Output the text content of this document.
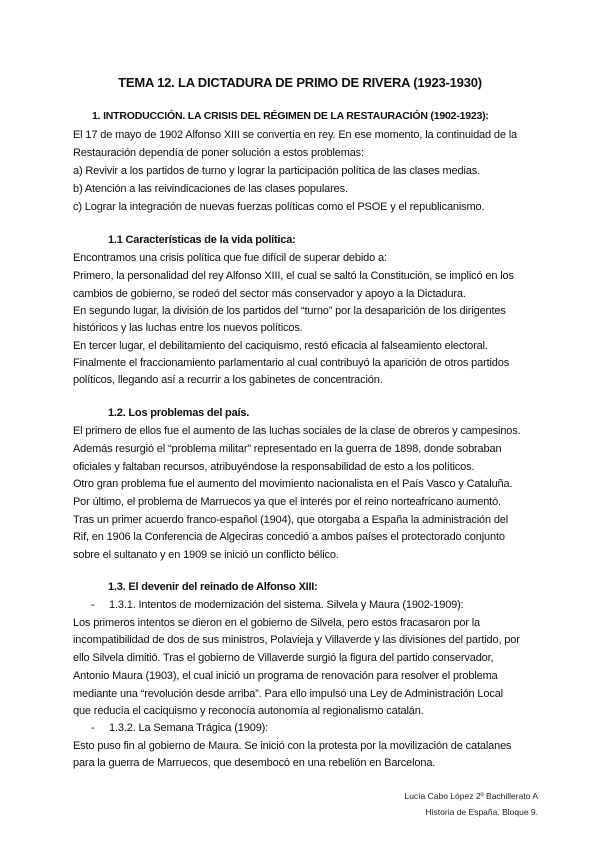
TEMA 12. LA DICTADURA DE PRIMO DE RIVERA (1923-1930)
1. INTRODUCCIÓN. LA CRISIS DEL RÉGIMEN DE LA RESTAURACIÓN (1902-1923):
El 17 de mayo de 1902 Alfonso XIII se convertía en rey. En ese momento, la continuidad de la
Restauración dependía de poner solución a estos problemas:
a) Revivir a los partidos de turno y lograr la participación política de las clases medias.
b) Atención a las reivindicaciones de las clases populares.
c) Lograr la integración de nuevas fuerzas políticas como el PSOE y el republicanismo.
1.1 Características de la vida política:
Encontramos una crisis política que fue difícil de superar debido a:
Primero, la personalidad del rey Alfonso XIII, el cual se saltó la Constitución, se implicó en los
cambios de gobierno, se rodeó del sector más conservador y apoyo a la Dictadura.
En segundo lugar, la división de los partidos del “turno” por la desaparición de los dirigentes
históricos y las luchas entre los nuevos políticos.
En tercer lugar, el debilitamiento del caciquismo, restó eficacia al falseamiento electoral.
Finalmente el fraccionamiento parlamentario al cual contribuyó la aparición de otros partidos
políticos, llegando así a recurrir a los gabinetes de concentración.
1.2. Los problemas del país.
El primero de ellos fue el aumento de las luchas sociales de la clase de obreros y campesinos.
Además resurgió el “problema militar” representado en la guerra de 1898, donde sobraban
oficiales y faltaban recursos, atribuyéndose la responsabilidad de esto a los políticos.
Otro gran problema fue el aumento del movimiento nacionalista en el País Vasco y Cataluña.
Por último, el problema de Marruecos ya que el interés por el reino norteafricano aumentó.
Tras un primer acuerdo franco-español (1904), que otorgaba a España la administración del
Rif, en 1906 la Conferencia de Algeciras concedió a ambos países el protectorado conjunto
sobre el sultanato y en 1909 se inició un conflicto bélico.
1.3. El devenir del reinado de Alfonso XIII:
- 1.3.1. Intentos de modernización del sistema. Silvela y Maura (1902-1909):
Los primeros intentos se dieron en el gobierno de Silvela, pero estos fracasaron por la
incompatibilidad de dos de sus ministros, Polavieja y Villaverde y las divisiones del partido, por
ello Silvela dimitió. Tras el gobierno de Villaverde surgió la figura del partido conservador,
Antonio Maura (1903), el cual inició un programa de renovación para resolver el problema
mediante una “revolución desde arriba”. Para ello impulsó una Ley de Administración Local
que reducía el caciquismo y reconocía autonomía al regionalismo catalán.
- 1.3.2. La Semana Trágica (1909):
Esto puso fin al gobierno de Maura. Se inició con la protesta por la movilización de catalanes
para la guerra de Marruecos, que desembocó en una rebelión en Barcelona.
Lucía Cabo López 2º Bachillerato A
Historia de España. Bloque 9.
